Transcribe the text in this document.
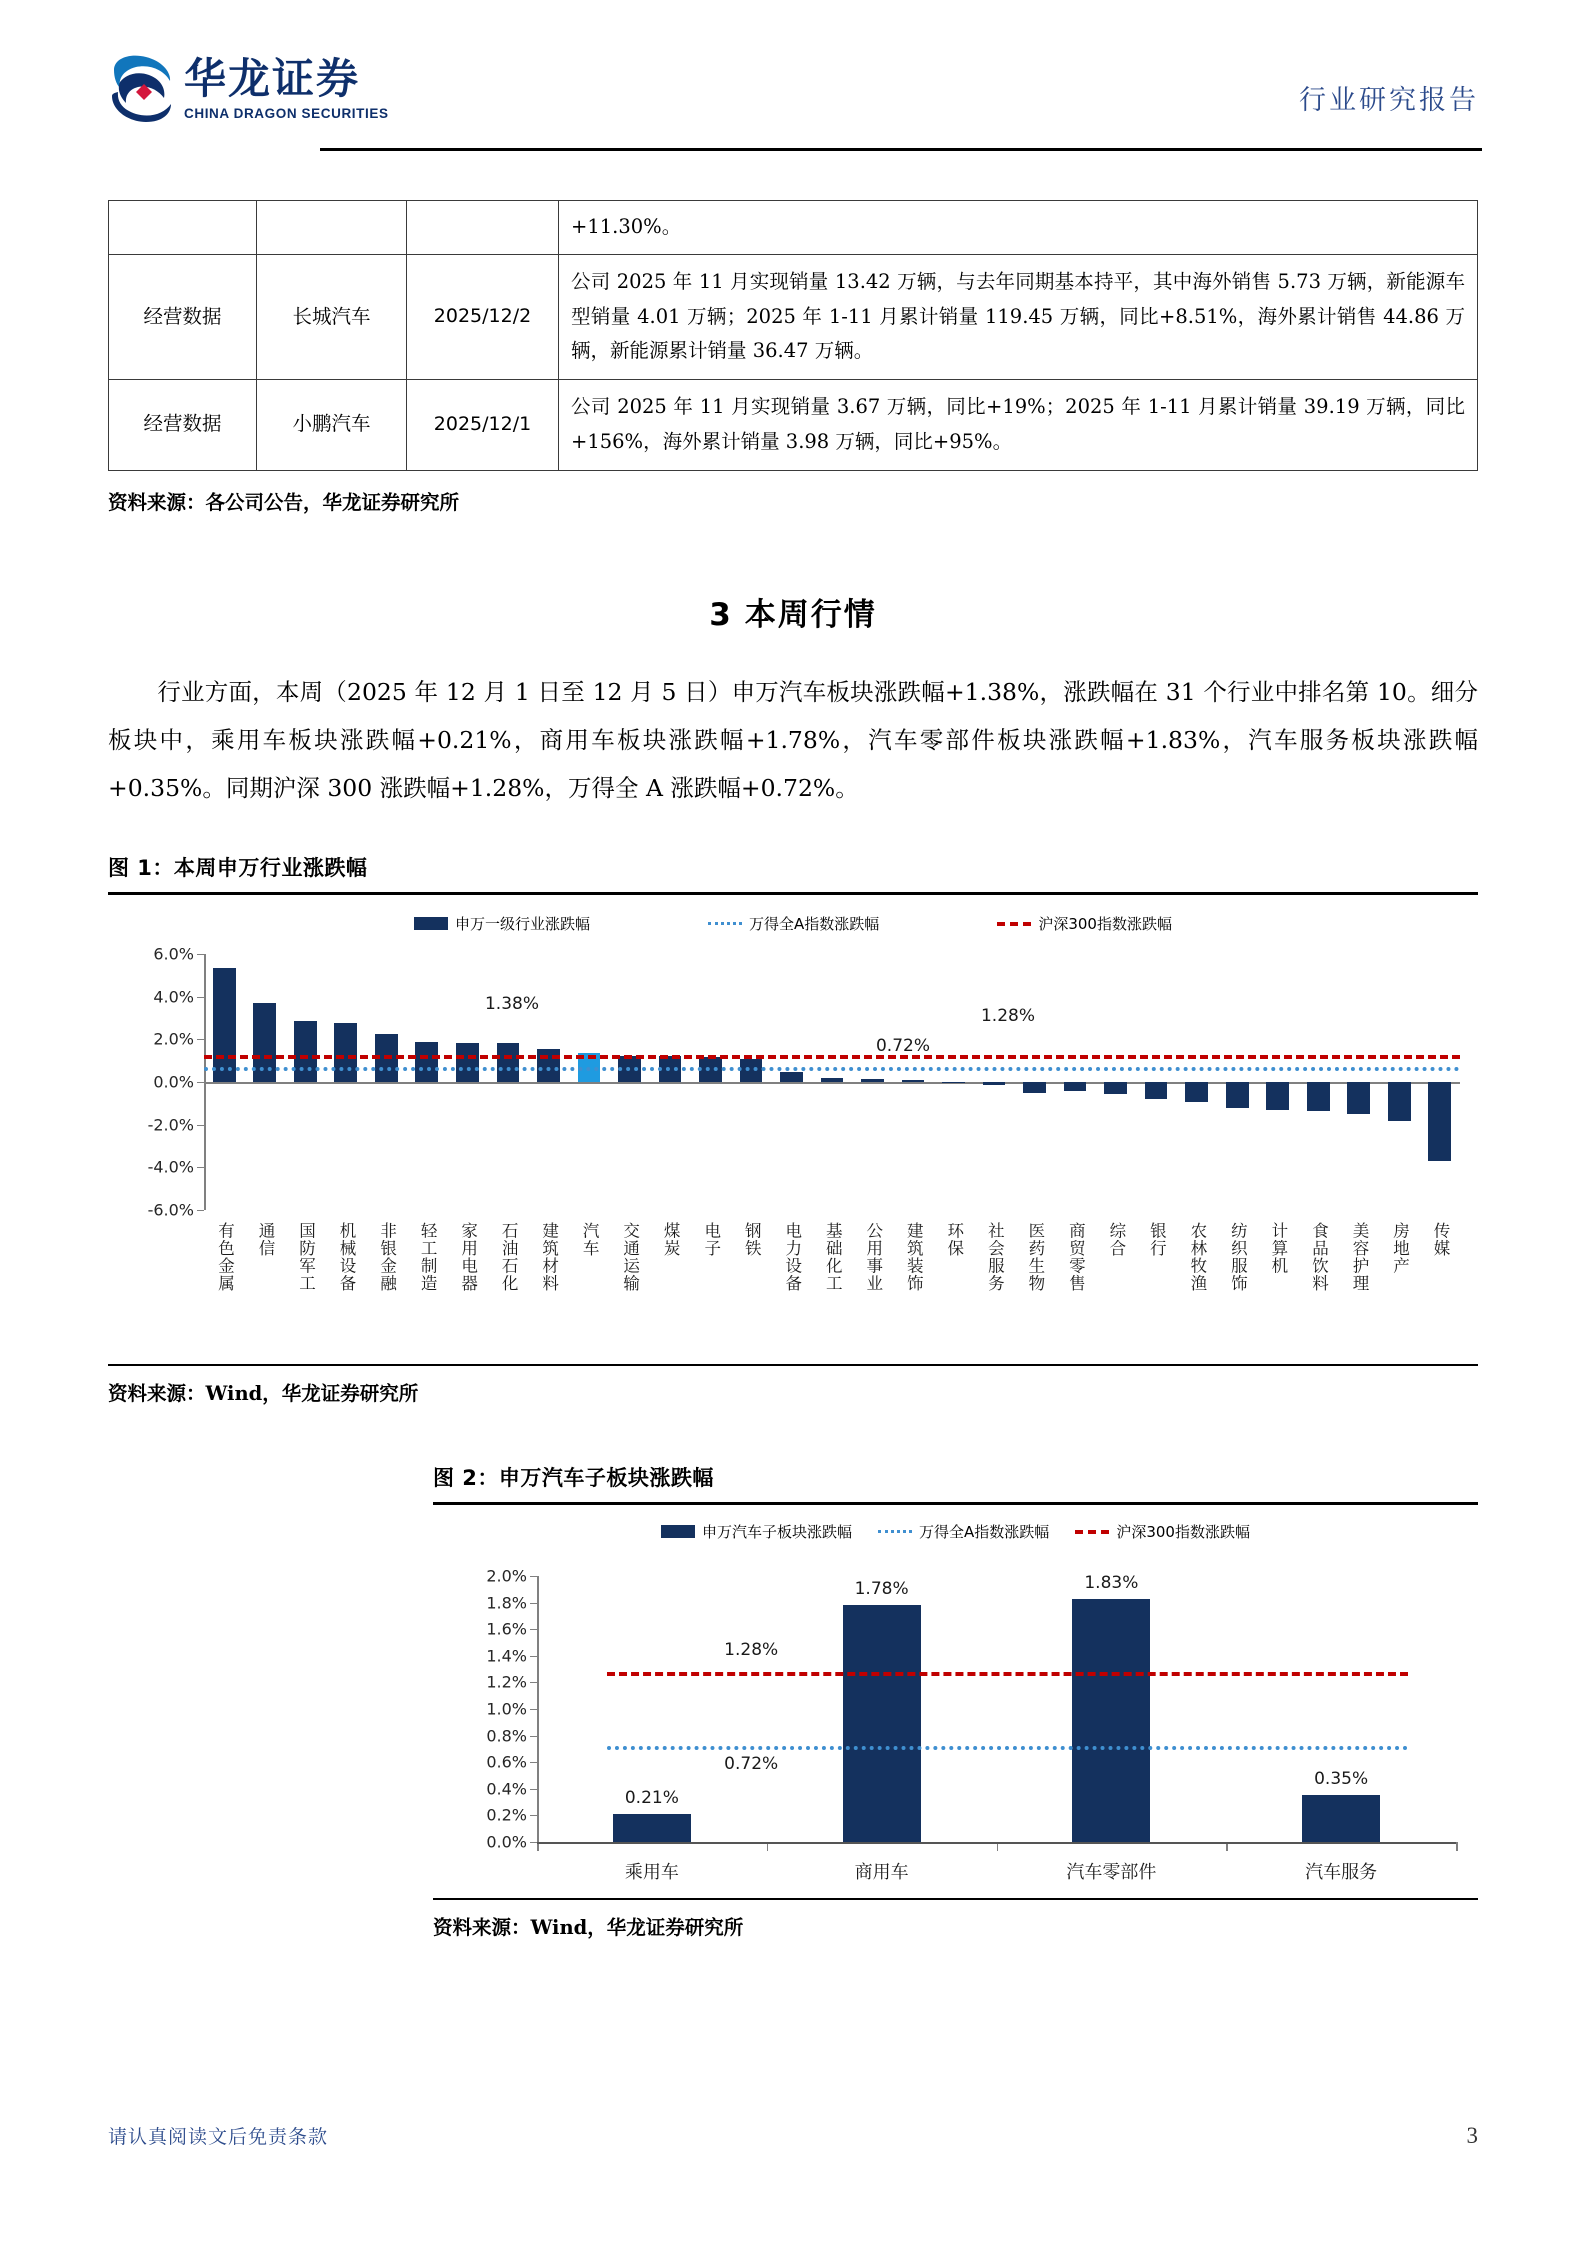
华龙证券
CHINA DRAGON SECURITIES	行业研究报告
			+11.30%。
经营数据	长城汽车	2025/12/2	公司 2025 年 11 月实现销量 13.42 万辆，与去年同期基本持平，其中海外销售 5.73 万辆，新能源车型销量 4.01 万辆；2025 年 1-11 月累计销量 119.45 万辆，同比+8.51%，海外累计销售 44.86 万辆，新能源累计销量 36.47 万辆。
经营数据	小鹏汽车	2025/12/1	公司 2025 年 11 月实现销量 3.67 万辆，同比+19%；2025 年 1-11 月累计销量 39.19 万辆，同比+156%，海外累计销量 3.98 万辆，同比+95%。
资料来源：各公司公告，华龙证券研究所
3 本周行情

行业方面，本周（2025 年 12 月 1 日至 12 月 5 日）申万汽车板块涨跌幅+1.38%，涨跌幅在 31 个行业中排名第 10。细分板块中，乘用车板块涨跌幅+0.21%，商用车板块涨跌幅+1.78%，汽车零部件板块涨跌幅+1.83%，汽车服务板块涨跌幅+0.35%。同期沪深 300 涨跌幅+1.28%，万得全 A 涨跌幅+0.72%。

图 1：本周申万行业涨跌幅
申万一级行业涨跌幅	万得全A指数涨跌幅	沪深300指数涨跌幅
6.0%
4.0%
2.0%
0.0%
-2.0%
-4.0%
-6.0%
有色金属 通信 国防军工 机械设备 非银金融 轻工制造 家用电器 石油石化 建筑材料 汽车 交通运输 煤炭 电子 钢铁 电力设备 基础化工 公用事业 建筑装饰 环保 社会服务 医药生物 商贸零售 综合 银行 农林牧渔 纺织服饰 计算机 食品饮料 美容护理 房地产 传媒
1.38%
0.72%
1.28%
资料来源：Wind，华龙证券研究所
图 2：申万汽车子板块涨跌幅
申万汽车子板块涨跌幅	万得全A指数涨跌幅	沪深300指数涨跌幅
2.0%
1.8%
1.6%
1.4%
1.2%
1.0%
0.8%
0.6%
0.4%
0.2%
0.0%
0.21%
乘用车
1.78%
商用车
1.83%
汽车零部件
0.35%
汽车服务
1.28%
0.72%
资料来源：Wind，华龙证券研究所
请认真阅读文后免责条款	3
